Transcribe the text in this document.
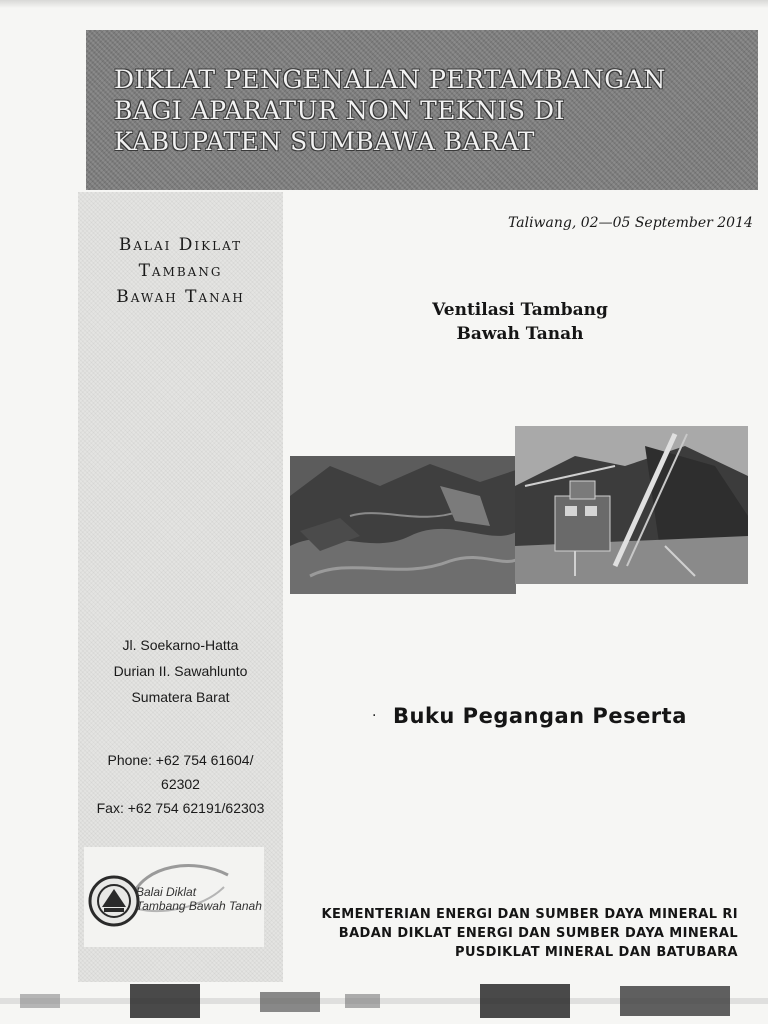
DIKLAT PENGENALAN PERTAMBANGAN
BAGI APARATUR NON TEKNIS DI
KABUPATEN SUMBAWA BARAT
Balai Diklat
Tambang
Bawah Tanah
Jl. Soekarno-Hatta
Durian II. Sawahlunto
Sumatera Barat
Phone: +62 754 61604/
62302
Fax: +62 754 62191/62303
Balai Diklat
Tambang Bawah Tanah
Taliwang, 02—05 September 2014
Ventilasi Tambang
Bawah Tanah
· Buku Pegangan Peserta
KEMENTERIAN ENERGI DAN SUMBER DAYA MINERAL RI
BADAN DIKLAT ENERGI DAN SUMBER DAYA MINERAL
PUSDIKLAT MINERAL DAN BATUBARA
